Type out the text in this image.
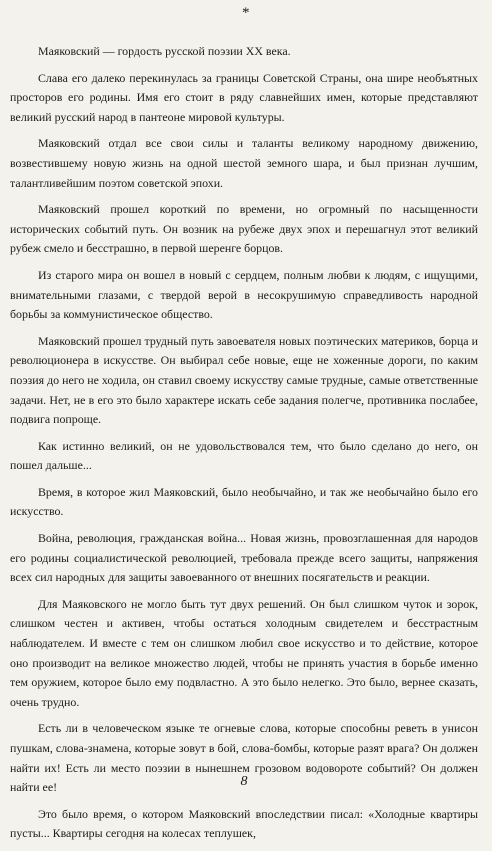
*

Маяковский — гордость русской поэзии XX века.

Слава его далеко перекинулась за границы Советской Страны, она шире необъятных просторов его родины. Имя его стоит в ряду славнейших имен, которые представляют великий русский народ в пантеоне мировой культуры.

Маяковский отдал все свои силы и таланты великому народному движению, возвестившему новую жизнь на одной шестой земного шара, и был признан лучшим, талантливейшим поэтом советской эпохи.

Маяковский прошел короткий по времени, но огромный по насыщенности исторических событий путь. Он возник на рубеже двух эпох и перешагнул этот великий рубеж смело и бесстрашно, в первой шеренге борцов.

Из старого мира он вошел в новый с сердцем, полным любви к людям, с ищущими, внимательными глазами, с твердой верой в несокрушимую справедливость народной борьбы за коммунистическое общество.

Маяковский прошел трудный путь завоевателя новых поэтических материков, борца и революционера в искусстве. Он выбирал себе новые, еще не хоженные дороги, по каким поэзия до него не ходила, он ставил своему искусству самые трудные, самые ответственные задачи. Нет, не в его это было характере искать себе задания полегче, противника послабее, подвига попроще.

Как истинно великий, он не удовольствовался тем, что было сделано до него, он пошел дальше...

Время, в которое жил Маяковский, было необычайно, и так же необычайно было его искусство.

Война, революция, гражданская война... Новая жизнь, провозглашенная для народов его родины социалистической революцией, требовала прежде всего защиты, напряжения всех сил народных для защиты завоеванного от внешних посягательств и реакции.

Для Маяковского не могло быть тут двух решений. Он был слишком чуток и зорок, слишком честен и активен, чтобы остаться холодным свидетелем и бесстрастным наблюдателем. И вместе с тем он слишком любил свое искусство и то действие, которое оно производит на великое множество людей, чтобы не принять участия в борьбе именно тем оружием, которое было ему подвластно. А это было нелегко. Это было, вернее сказать, очень трудно.

Есть ли в человеческом языке те огневые слова, которые способны реветь в унисон пушкам, слова-знамена, которые зовут в бой, слова-бомбы, которые разят врага? Он должен найти их! Есть ли место поэзии в нынешнем грозовом водовороте событий? Он должен найти ее!

Это было время, о котором Маяковский впоследствии писал: «Холодные квартиры пусты... Квартиры сегодня на колесах теплушек,

8
